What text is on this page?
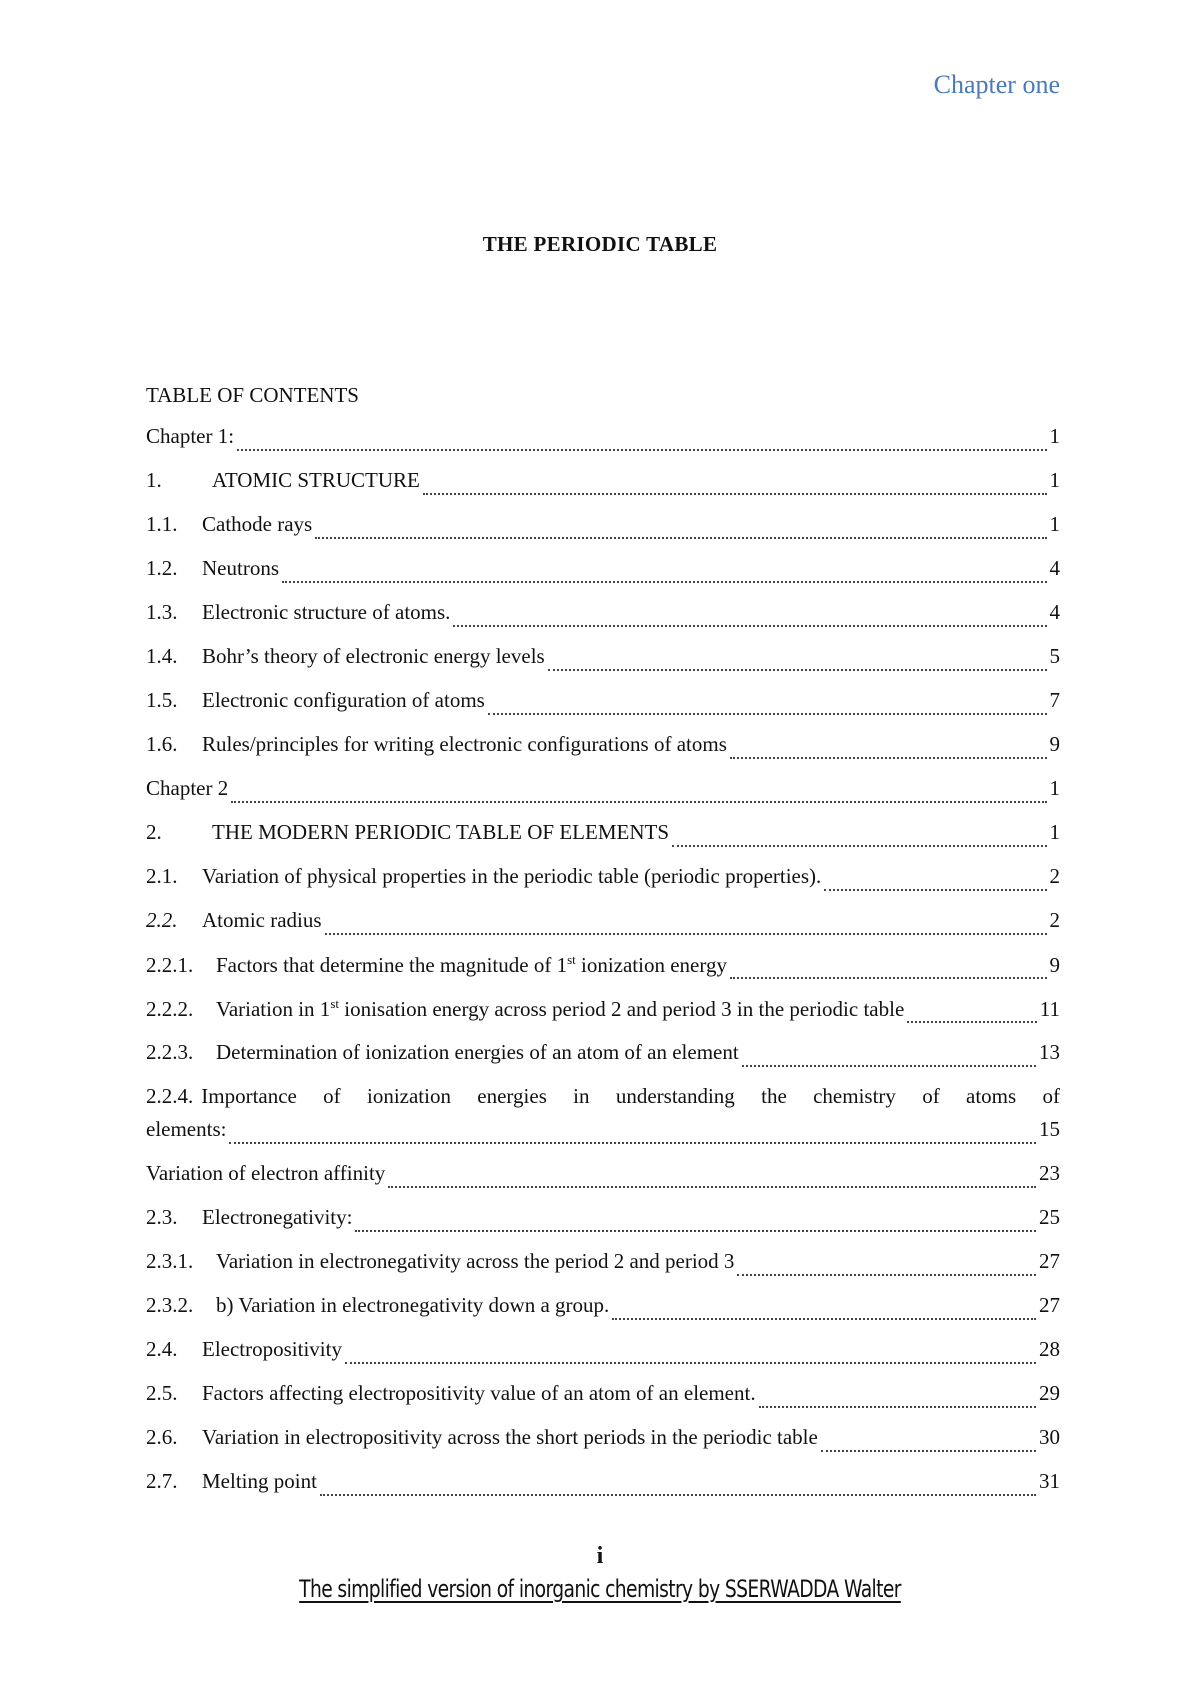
Chapter one
THE PERIODIC TABLE
TABLE OF CONTENTS
Chapter 1:	1
1.	ATOMIC STRUCTURE	1
1.1.	Cathode rays	1
1.2.	Neutrons	4
1.3.	Electronic structure of atoms.	4
1.4.	Bohr’s theory of electronic energy levels	5
1.5.	Electronic configuration of atoms	7
1.6.	Rules/principles for writing electronic configurations of atoms	9
Chapter 2	1
2.	THE MODERN PERIODIC TABLE OF ELEMENTS	1
2.1.	Variation of physical properties in the periodic table (periodic properties).	2
2.2.	Atomic radius	2
2.2.1.	Factors that determine the magnitude of 1st ionization energy	9
2.2.2.	Variation in 1st ionisation energy across period 2 and period 3 in the periodic table	11
2.2.3.	Determination of ionization energies of an atom of an element	13
2.2.4. Importance of ionization energies in understanding the chemistry of atoms of
elements:	15
Variation of electron affinity	23
2.3.	Electronegativity:	25
2.3.1.	Variation in electronegativity across the period 2 and period 3	27
2.3.2.	b) Variation in electronegativity down a group.	27
2.4.	Electropositivity	28
2.5.	Factors affecting electropositivity value of an atom of an element.	29
2.6.	Variation in electropositivity across the short periods in the periodic table	30
2.7.	Melting point	31
i
The simplified version of inorganic chemistry by SSERWADDA Walter
